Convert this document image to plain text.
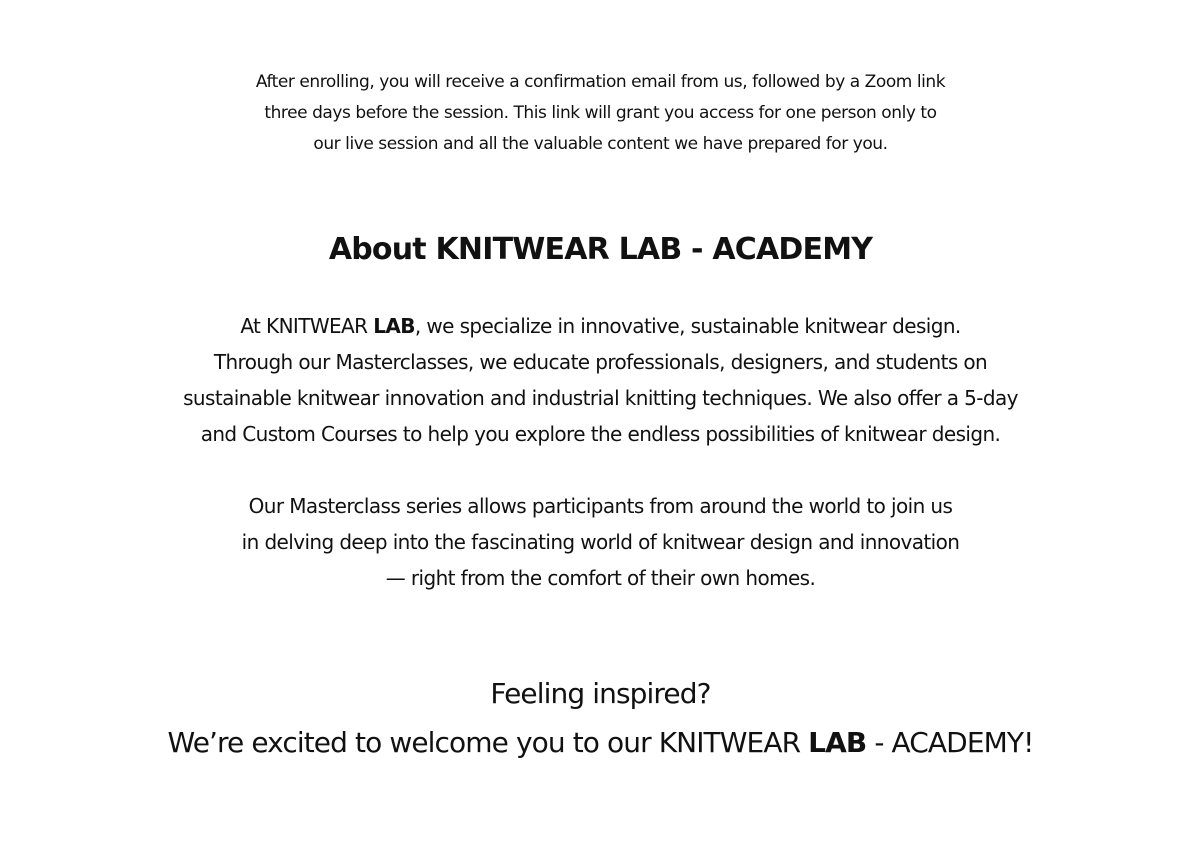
After enrolling, you will receive a confirmation email from us, followed by a Zoom link
three days before the session. This link will grant you access for one person only to
our live session and all the valuable content we have prepared for you.
About KNITWEAR LAB - ACADEMY
At KNITWEAR LAB, we specialize in innovative, sustainable knitwear design.
Through our Masterclasses, we educate professionals, designers, and students on
sustainable knitwear innovation and industrial knitting techniques. We also offer a 5-day
and Custom Courses to help you explore the endless possibilities of knitwear design.
Our Masterclass series allows participants from around the world to join us
in delving deep into the fascinating world of knitwear design and innovation
— right from the comfort of their own homes.
Feeling inspired?
We’re excited to welcome you to our KNITWEAR LAB - ACADEMY!
